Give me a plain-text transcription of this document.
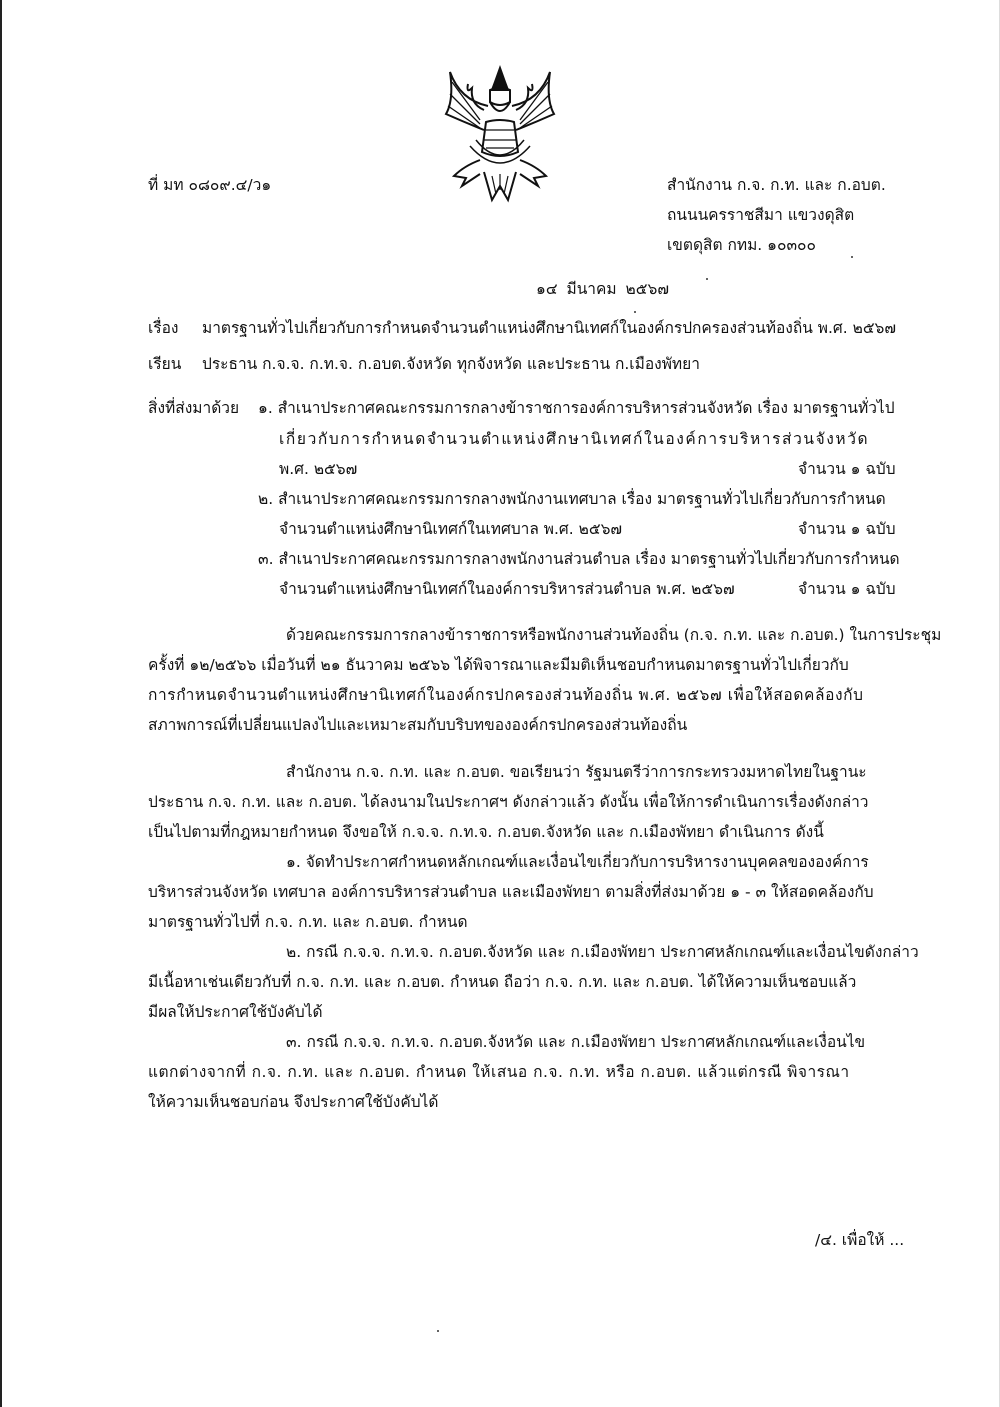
ที่ มท ๐๘๐๙.๔/ว๑	สำนักงาน ก.จ. ก.ท. และ ก.อบต.
ถนนนครราชสีมา แขวงดุสิต
เขตดุสิต กทม. ๑๐๓๐๐
๑๔ มีนาคม ๒๕๖๗
เรื่อง มาตรฐานทั่วไปเกี่ยวกับการกำหนดจำนวนตำแหน่งศึกษานิเทศก์ในองค์กรปกครองส่วนท้องถิ่น พ.ศ. ๒๕๖๗
เรียน ประธาน ก.จ.จ. ก.ท.จ. ก.อบต.จังหวัด ทุกจังหวัด และประธาน ก.เมืองพัทยา
สิ่งที่ส่งมาด้วย ๑. สำเนาประกาศคณะกรรมการกลางข้าราชการองค์การบริหารส่วนจังหวัด เรื่อง มาตรฐานทั่วไป
เกี่ยวกับการกำหนดจำนวนตำแหน่งศึกษานิเทศก์ในองค์การบริหารส่วนจังหวัด
พ.ศ. ๒๕๖๗	จำนวน ๑ ฉบับ
๒. สำเนาประกาศคณะกรรมการกลางพนักงานเทศบาล เรื่อง มาตรฐานทั่วไปเกี่ยวกับการกำหนด
จำนวนตำแหน่งศึกษานิเทศก์ในเทศบาล พ.ศ. ๒๕๖๗	จำนวน ๑ ฉบับ
๓. สำเนาประกาศคณะกรรมการกลางพนักงานส่วนตำบล เรื่อง มาตรฐานทั่วไปเกี่ยวกับการกำหนด
จำนวนตำแหน่งศึกษานิเทศก์ในองค์การบริหารส่วนตำบล พ.ศ. ๒๕๖๗	จำนวน ๑ ฉบับ
ด้วยคณะกรรมการกลางข้าราชการหรือพนักงานส่วนท้องถิ่น (ก.จ. ก.ท. และ ก.อบต.) ในการประชุม
ครั้งที่ ๑๒/๒๕๖๖ เมื่อวันที่ ๒๑ ธันวาคม ๒๕๖๖ ได้พิจารณาและมีมติเห็นชอบกำหนดมาตรฐานทั่วไปเกี่ยวกับ
การกำหนดจำนวนตำแหน่งศึกษานิเทศก์ในองค์กรปกครองส่วนท้องถิ่น พ.ศ. ๒๕๖๗ เพื่อให้สอดคล้องกับ
สภาพการณ์ที่เปลี่ยนแปลงไปและเหมาะสมกับบริบทขององค์กรปกครองส่วนท้องถิ่น
สำนักงาน ก.จ. ก.ท. และ ก.อบต. ขอเรียนว่า รัฐมนตรีว่าการกระทรวงมหาดไทยในฐานะ
ประธาน ก.จ. ก.ท. และ ก.อบต. ได้ลงนามในประกาศฯ ดังกล่าวแล้ว ดังนั้น เพื่อให้การดำเนินการเรื่องดังกล่าว
เป็นไปตามที่กฎหมายกำหนด จึงขอให้ ก.จ.จ. ก.ท.จ. ก.อบต.จังหวัด และ ก.เมืองพัทยา ดำเนินการ ดังนี้
๑. จัดทำประกาศกำหนดหลักเกณฑ์และเงื่อนไขเกี่ยวกับการบริหารงานบุคคลขององค์การ
บริหารส่วนจังหวัด เทศบาล องค์การบริหารส่วนตำบล และเมืองพัทยา ตามสิ่งที่ส่งมาด้วย ๑ - ๓ ให้สอดคล้องกับ
มาตรฐานทั่วไปที่ ก.จ. ก.ท. และ ก.อบต. กำหนด
๒. กรณี ก.จ.จ. ก.ท.จ. ก.อบต.จังหวัด และ ก.เมืองพัทยา ประกาศหลักเกณฑ์และเงื่อนไขดังกล่าว
มีเนื้อหาเช่นเดียวกับที่ ก.จ. ก.ท. และ ก.อบต. กำหนด ถือว่า ก.จ. ก.ท. และ ก.อบต. ได้ให้ความเห็นชอบแล้ว
มีผลให้ประกาศใช้บังคับได้
๓. กรณี ก.จ.จ. ก.ท.จ. ก.อบต.จังหวัด และ ก.เมืองพัทยา ประกาศหลักเกณฑ์และเงื่อนไข
แตกต่างจากที่ ก.จ. ก.ท. และ ก.อบต. กำหนด ให้เสนอ ก.จ. ก.ท. หรือ ก.อบต. แล้วแต่กรณี พิจารณา
ให้ความเห็นชอบก่อน จึงประกาศใช้บังคับได้
/๔. เพื่อให้ ...
